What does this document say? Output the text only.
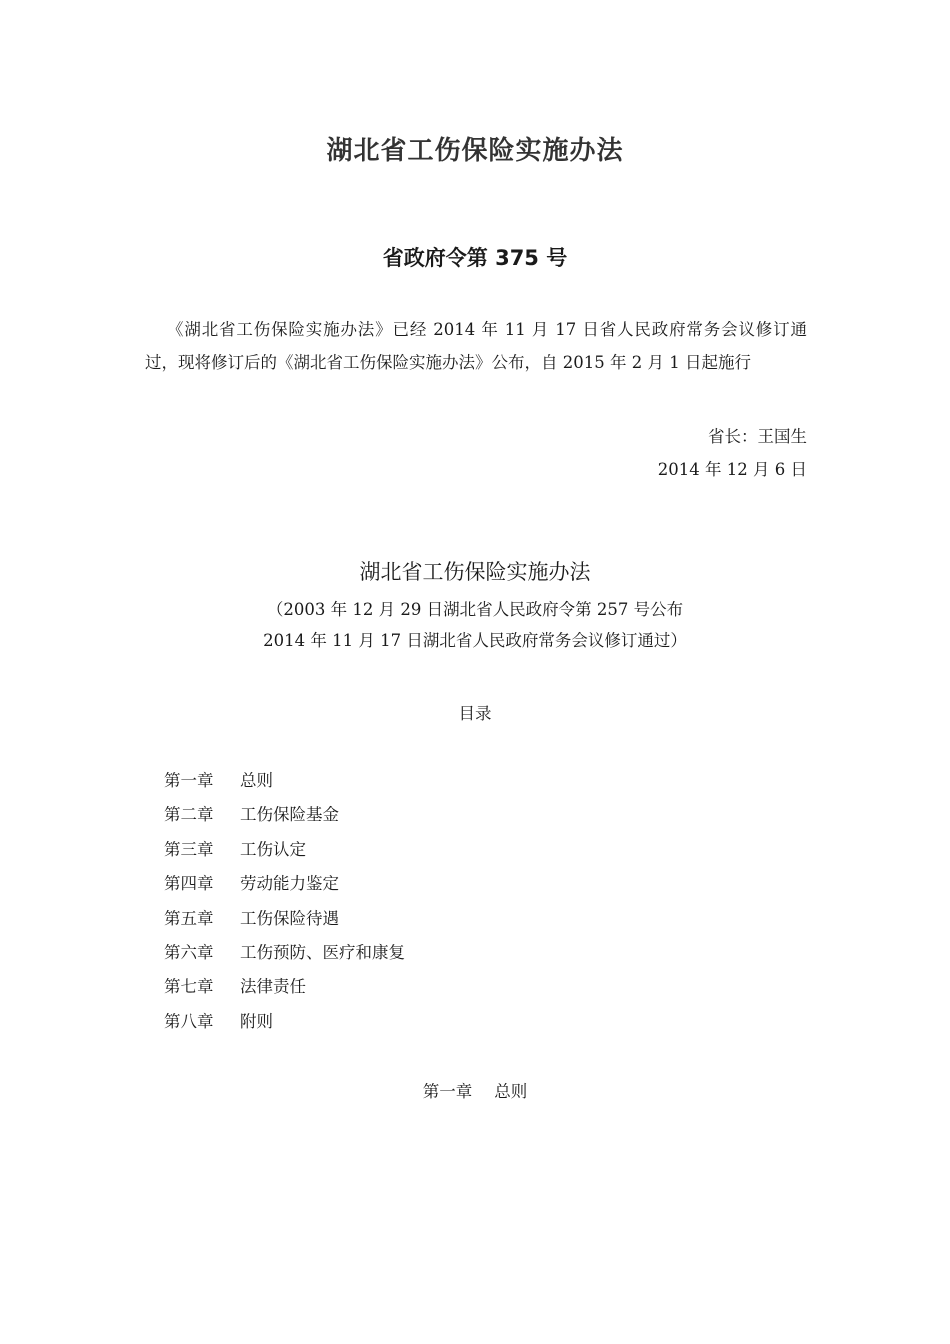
湖北省工伤保险实施办法
省政府令第 375 号
《湖北省工伤保险实施办法》已经 2014 年 11 月 17 日省人民政府常务会议修订通过，现将修订后的《湖北省工伤保险实施办法》公布，自 2015 年 2 月 1 日起施行
省长：王国生
2014 年 12 月 6 日
湖北省工伤保险实施办法
（2003 年 12 月 29 日湖北省人民政府令第 257 号公布
2014 年 11 月 17 日湖北省人民政府常务会议修订通过）
目录
第一章 总则
第二章 工伤保险基金
第三章 工伤认定
第四章 劳动能力鉴定
第五章 工伤保险待遇
第六章 工伤预防、医疗和康复
第七章 法律责任
第八章 附则
第一章 总则
